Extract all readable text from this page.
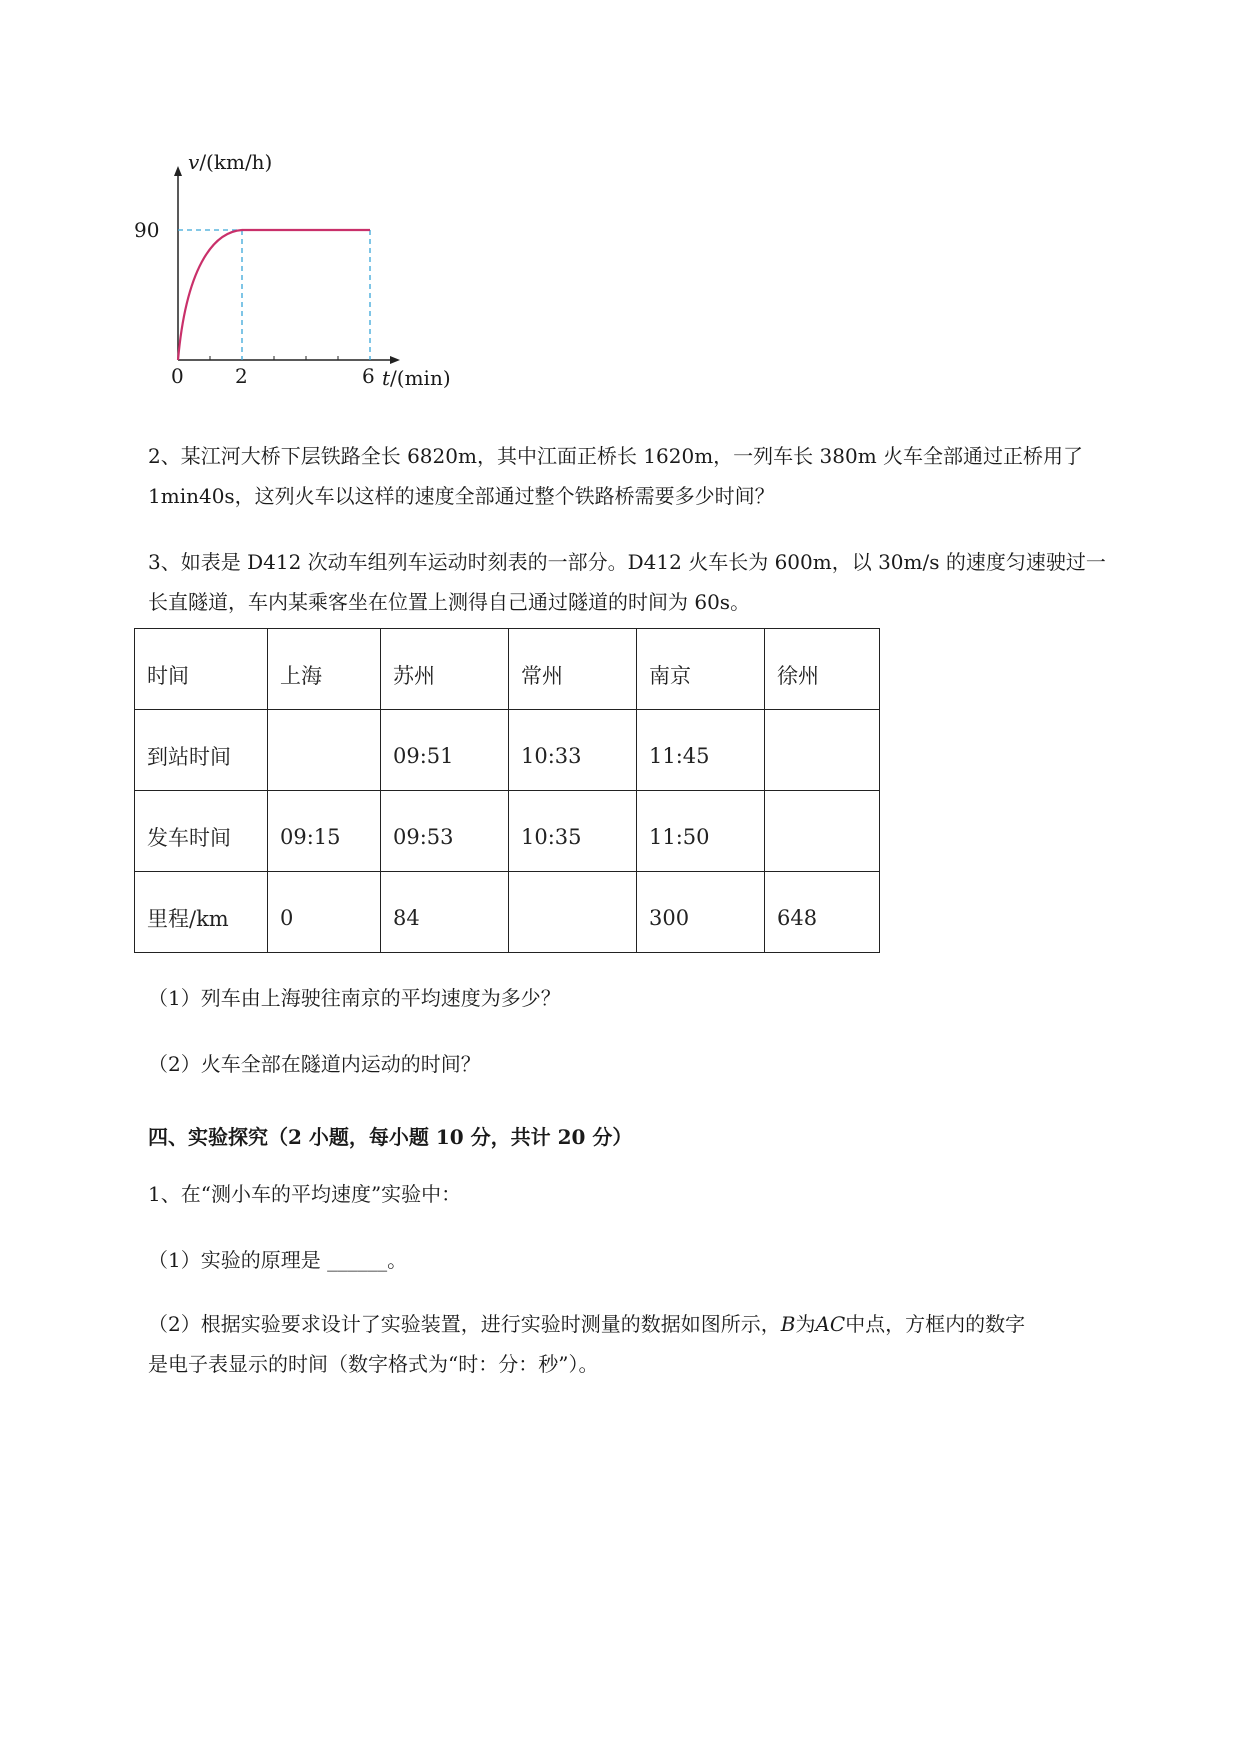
v/(km/h)
90
0	2	6 t/(min)
2、某江河大桥下层铁路全长 6820m，其中江面正桥长 1620m，一列车长 380m 火车全部通过正桥用了
1min40s，这列火车以这样的速度全部通过整个铁路桥需要多少时间？
3、如表是 D412 次动车组列车运动时刻表的一部分。D412 火车长为 600m，以 30m/s 的速度匀速驶过一
长直隧道，车内某乘客坐在位置上测得自己通过隧道的时间为 60s。
时间	上海	苏州	常州	南京	徐州
到站时间		09:51	10:33	11:45	
发车时间	09:15	09:53	10:35	11:50	
里程/km	0	84		300	648
（1）列车由上海驶往南京的平均速度为多少？
（2）火车全部在隧道内运动的时间？
四、实验探究（2 小题，每小题 10 分，共计 20 分）
1、在“测小车的平均速度”实验中：
（1）实验的原理是 ______。
（2）根据实验要求设计了实验装置，进行实验时测量的数据如图所示，B为AC中点，方框内的数字
是电子表显示的时间（数字格式为“时：分：秒”）。
